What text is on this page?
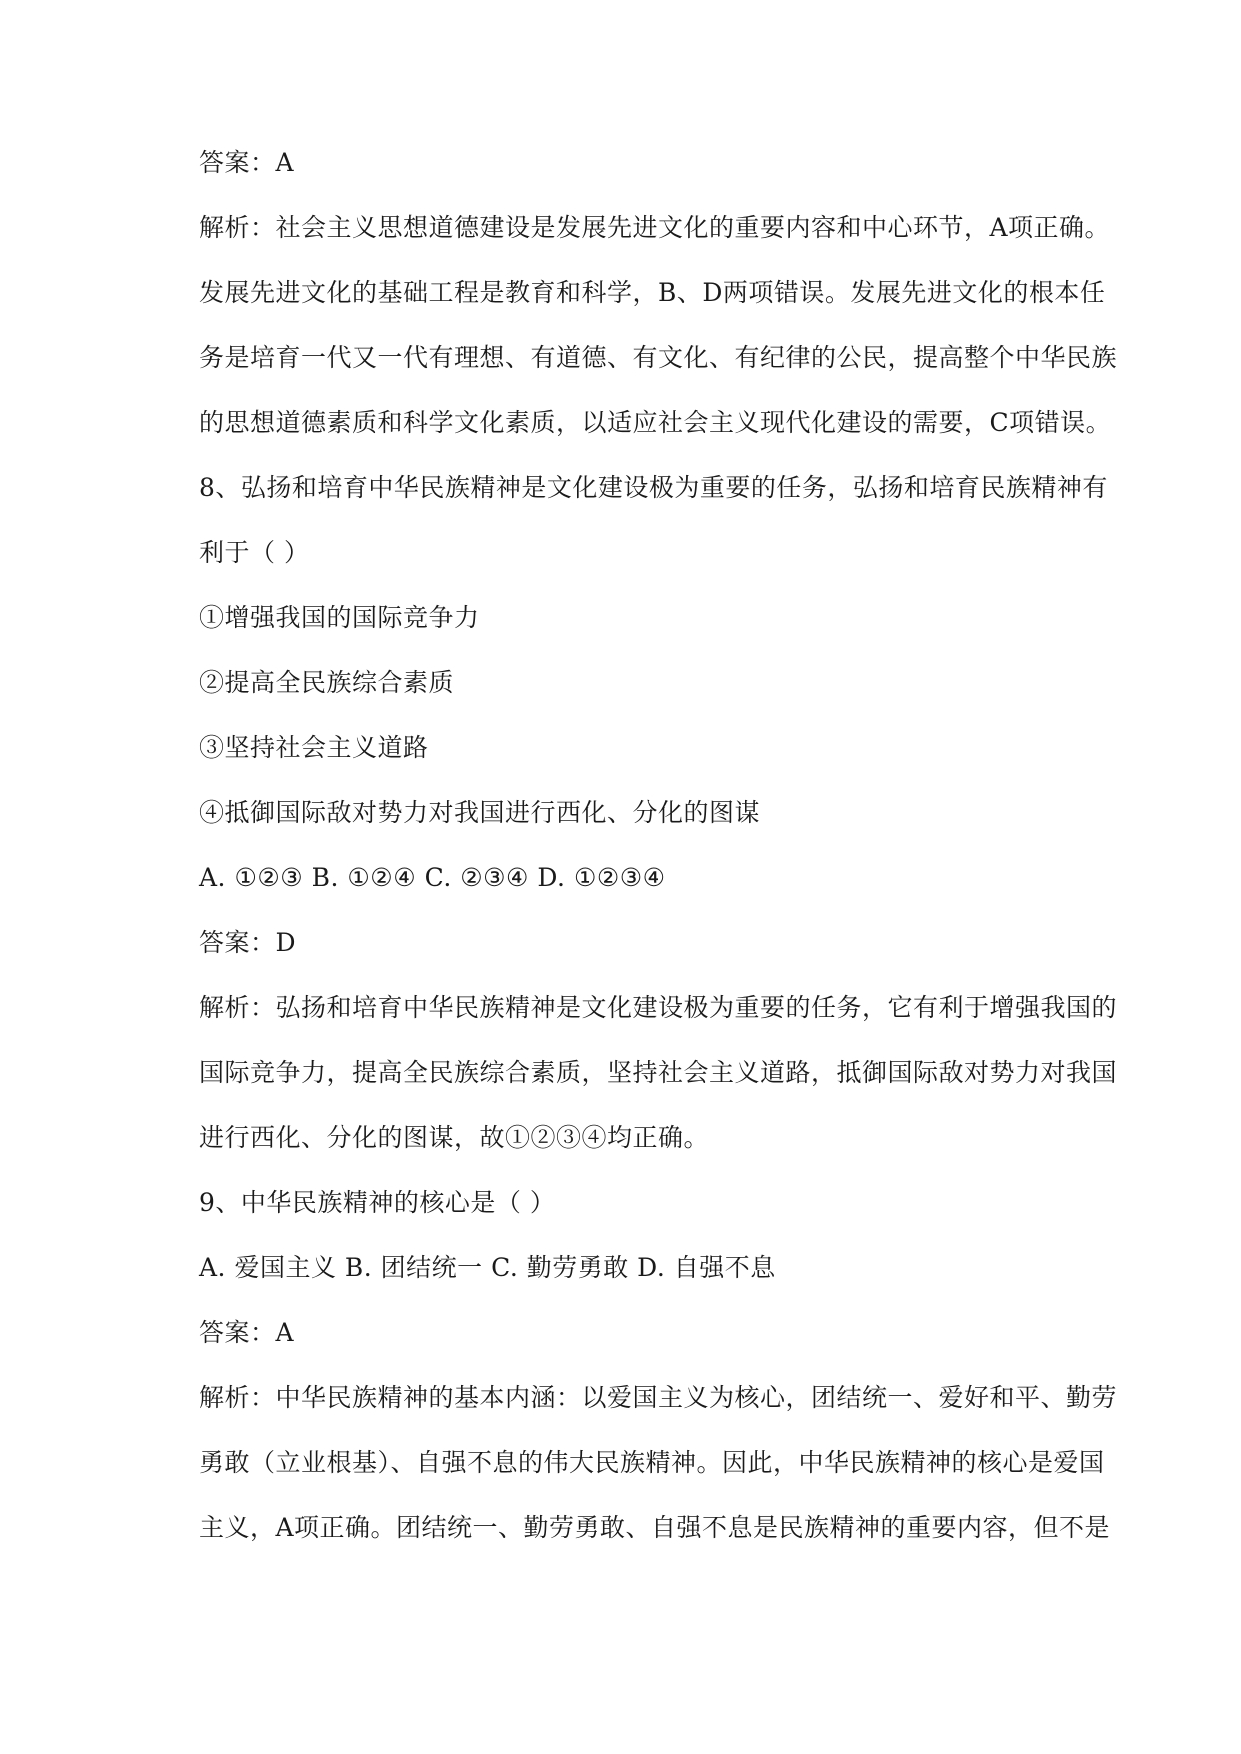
答案：A
解析：社会主义思想道德建设是发展先进文化的重要内容和中心环节，A项正确。
发展先进文化的基础工程是教育和科学，B、D两项错误。发展先进文化的根本任
务是培育一代又一代有理想、有道德、有文化、有纪律的公民，提高整个中华民族
的思想道德素质和科学文化素质，以适应社会主义现代化建设的需要，C项错误。
8、弘扬和培育中华民族精神是文化建设极为重要的任务，弘扬和培育民族精神有
利于（ ）
①增强我国的国际竞争力
②提高全民族综合素质
③坚持社会主义道路
④抵御国际敌对势力对我国进行西化、分化的图谋
A. ①②③ B. ①②④ C. ②③④ D. ①②③④
答案：D
解析：弘扬和培育中华民族精神是文化建设极为重要的任务，它有利于增强我国的
国际竞争力，提高全民族综合素质，坚持社会主义道路，抵御国际敌对势力对我国
进行西化、分化的图谋，故①②③④均正确。
9、中华民族精神的核心是（ ）
A. 爱国主义 B. 团结统一 C. 勤劳勇敢 D. 自强不息
答案：A
解析：中华民族精神的基本内涵：以爱国主义为核心，团结统一、爱好和平、勤劳
勇敢（立业根基）、自强不息的伟大民族精神。因此，中华民族精神的核心是爱国
主义，A项正确。团结统一、勤劳勇敢、自强不息是民族精神的重要内容，但不是
